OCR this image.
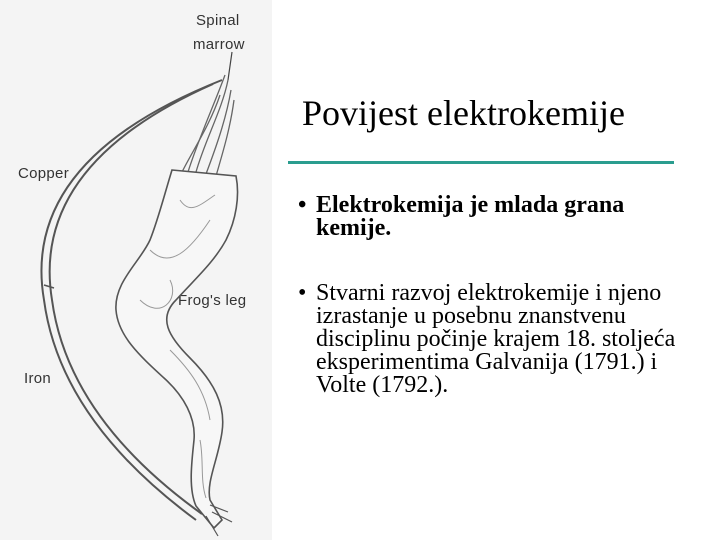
Spinal
marrow
Copper
Frog's leg
Iron
Povijest elektrokemije
• Elektrokemija je mlada grana kemije.
• Stvarni razvoj elektrokemije i njeno izrastanje u posebnu znanstvenu disciplinu počinje krajem 18. stoljeća eksperimentima Galvanija (1791.) i Volte (1792.).
